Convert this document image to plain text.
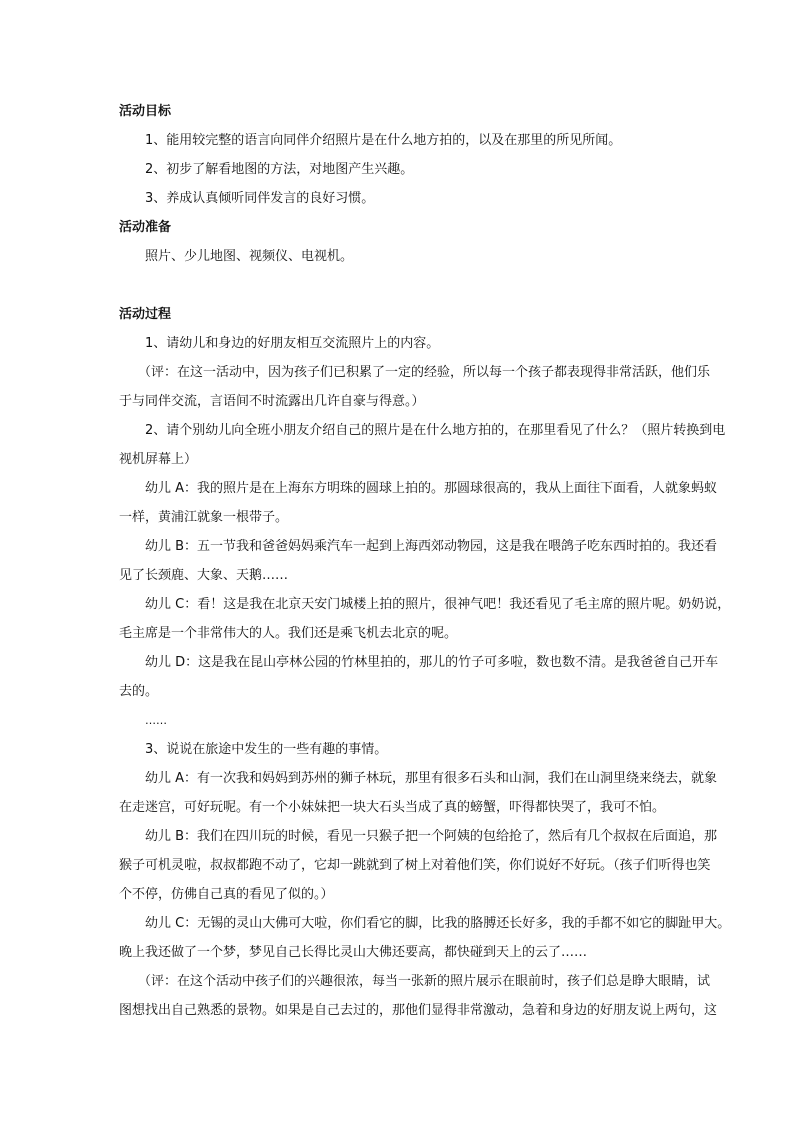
活动目标
1、能用较完整的语言向同伴介绍照片是在什么地方拍的，以及在那里的所见所闻。
2、初步了解看地图的方法，对地图产生兴趣。
3、养成认真倾听同伴发言的良好习惯。
活动准备
照片、少儿地图、视频仪、电视机。
活动过程
1、请幼儿和身边的好朋友相互交流照片上的内容。
（评：在这一活动中，因为孩子们已积累了一定的经验，所以每一个孩子都表现得非常活跃，他们乐
于与同伴交流，言语间不时流露出几许自豪与得意。）
2、请个别幼儿向全班小朋友介绍自己的照片是在什么地方拍的，在那里看见了什么？（照片转换到电
视机屏幕上）
幼儿 A：我的照片是在上海东方明珠的圆球上拍的。那圆球很高的，我从上面往下面看，人就象蚂蚁
一样，黄浦江就象一根带子。
幼儿 B：五一节我和爸爸妈妈乘汽车一起到上海西郊动物园，这是我在喂鸽子吃东西时拍的。我还看
见了长颈鹿、大象、天鹅……
幼儿 C：看！这是我在北京天安门城楼上拍的照片，很神气吧！我还看见了毛主席的照片呢。奶奶说，
毛主席是一个非常伟大的人。我们还是乘飞机去北京的呢。
幼儿 D：这是我在昆山亭林公园的竹林里拍的，那儿的竹子可多啦，数也数不清。是我爸爸自己开车
去的。
……
3、说说在旅途中发生的一些有趣的事情。
幼儿 A：有一次我和妈妈到苏州的狮子林玩，那里有很多石头和山洞，我们在山洞里绕来绕去，就象
在走迷宫，可好玩呢。有一个小妹妹把一块大石头当成了真的螃蟹，吓得都快哭了，我可不怕。
幼儿 B：我们在四川玩的时候，看见一只猴子把一个阿姨的包给抢了，然后有几个叔叔在后面追，那
猴子可机灵啦，叔叔都跑不动了，它却一跳就到了树上对着他们笑，你们说好不好玩。（孩子们听得也笑
个不停，仿佛自己真的看见了似的。）
幼儿 C：无锡的灵山大佛可大啦，你们看它的脚，比我的胳膊还长好多，我的手都不如它的脚趾甲大。
晚上我还做了一个梦，梦见自己长得比灵山大佛还要高，都快碰到天上的云了……
（评：在这个活动中孩子们的兴趣很浓，每当一张新的照片展示在眼前时，孩子们总是睁大眼睛，试
图想找出自己熟悉的景物。如果是自己去过的，那他们显得非常激动，急着和身边的好朋友说上两句，这
